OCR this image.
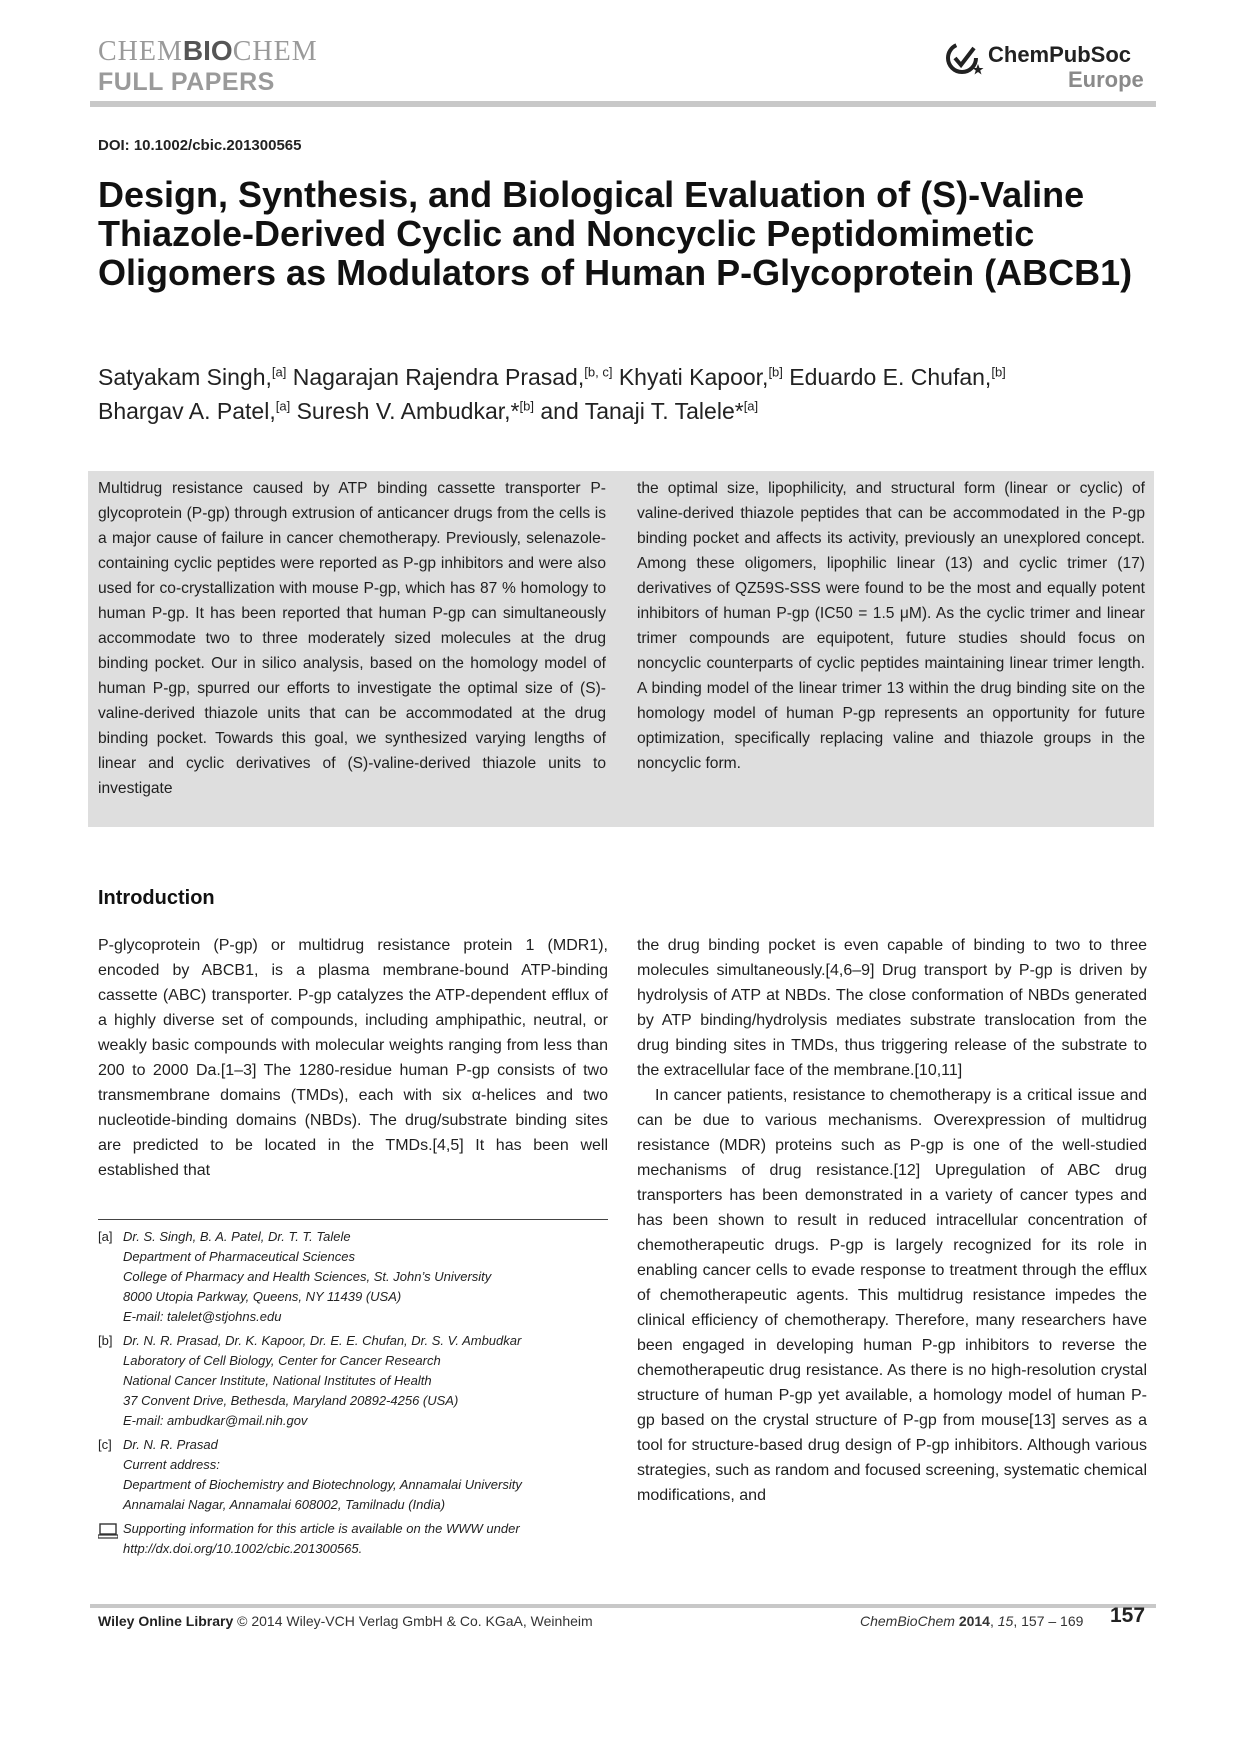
CHEMBIOCHEM
FULL PAPERS
ChemPubSoc
Europe
DOI: 10.1002/cbic.201300565
Design, Synthesis, and Biological Evaluation of (S)-Valine Thiazole-Derived Cyclic and Noncyclic Peptidomimetic Oligomers as Modulators of Human P-Glycoprotein (ABCB1)
Satyakam Singh,[a] Nagarajan Rajendra Prasad,[b, c] Khyati Kapoor,[b] Eduardo E. Chufan,[b]
Bhargav A. Patel,[a] Suresh V. Ambudkar,*[b] and Tanaji T. Talele*[a]
Multidrug resistance caused by ATP binding cassette transporter P-glycoprotein (P-gp) through extrusion of anticancer drugs from the cells is a major cause of failure in cancer chemotherapy. Previously, selenazole-containing cyclic peptides were reported as P-gp inhibitors and were also used for co-crystallization with mouse P-gp, which has 87 % homology to human P-gp. It has been reported that human P-gp can simultaneously accommodate two to three moderately sized molecules at the drug binding pocket. Our in silico analysis, based on the homology model of human P-gp, spurred our efforts to investigate the optimal size of (S)-valine-derived thiazole units that can be accommodated at the drug binding pocket. Towards this goal, we synthesized varying lengths of linear and cyclic derivatives of (S)-valine-derived thiazole units to investigate
the optimal size, lipophilicity, and structural form (linear or cyclic) of valine-derived thiazole peptides that can be accommodated in the P-gp binding pocket and affects its activity, previously an unexplored concept. Among these oligomers, lipophilic linear (13) and cyclic trimer (17) derivatives of QZ59S-SSS were found to be the most and equally potent inhibitors of human P-gp (IC50 = 1.5 μM). As the cyclic trimer and linear trimer compounds are equipotent, future studies should focus on noncyclic counterparts of cyclic peptides maintaining linear trimer length. A binding model of the linear trimer 13 within the drug binding site on the homology model of human P-gp represents an opportunity for future optimization, specifically replacing valine and thiazole groups in the noncyclic form.
Introduction

P-glycoprotein (P-gp) or multidrug resistance protein 1 (MDR1), encoded by ABCB1, is a plasma membrane-bound ATP-binding cassette (ABC) transporter. P-gp catalyzes the ATP-dependent efflux of a highly diverse set of compounds, including amphipathic, neutral, or weakly basic compounds with molecular weights ranging from less than 200 to 2000 Da.[1–3] The 1280-residue human P-gp consists of two transmembrane domains (TMDs), each with six α-helices and two nucleotide-binding domains (NBDs). The drug/substrate binding sites are predicted to be located in the TMDs.[4,5] It has been well established that

the drug binding pocket is even capable of binding to two to three molecules simultaneously.[4,6–9] Drug transport by P-gp is driven by hydrolysis of ATP at NBDs. The close conformation of NBDs generated by ATP binding/hydrolysis mediates substrate translocation from the drug binding sites in TMDs, thus triggering release of the substrate to the extracellular face of the membrane.[10,11]

In cancer patients, resistance to chemotherapy is a critical issue and can be due to various mechanisms. Overexpression of multidrug resistance (MDR) proteins such as P-gp is one of the well-studied mechanisms of drug resistance.[12] Upregulation of ABC drug transporters has been demonstrated in a variety of cancer types and has been shown to result in reduced intracellular concentration of chemotherapeutic drugs. P-gp is largely recognized for its role in enabling cancer cells to evade response to treatment through the efflux of chemotherapeutic agents. This multidrug resistance impedes the clinical efficiency of chemotherapy. Therefore, many researchers have been engaged in developing human P-gp inhibitors to reverse the chemotherapeutic drug resistance. As there is no high-resolution crystal structure of human P-gp yet available, a homology model of human P-gp based on the crystal structure of P-gp from mouse[13] serves as a tool for structure-based drug design of P-gp inhibitors. Although various strategies, such as random and focused screening, systematic chemical modifications, and

[a] Dr. S. Singh, B. A. Patel, Dr. T. T. Talele
Department of Pharmaceutical Sciences
College of Pharmacy and Health Sciences, St. John’s University
8000 Utopia Parkway, Queens, NY 11439 (USA)
E-mail: talelet@stjohns.edu
[b] Dr. N. R. Prasad, Dr. K. Kapoor, Dr. E. E. Chufan, Dr. S. V. Ambudkar
Laboratory of Cell Biology, Center for Cancer Research
National Cancer Institute, National Institutes of Health
37 Convent Drive, Bethesda, Maryland 20892-4256 (USA)
E-mail: ambudkar@mail.nih.gov
[c] Dr. N. R. Prasad
Current address:
Department of Biochemistry and Biotechnology, Annamalai University
Annamalai Nagar, Annamalai 608002, Tamilnadu (India)
Supporting information for this article is available on the WWW under
http://dx.doi.org/10.1002/cbic.201300565.
Wiley Online Library © 2014 Wiley-VCH Verlag GmbH & Co. KGaA, Weinheim	ChemBioChem 2014, 15, 157 – 169 157
